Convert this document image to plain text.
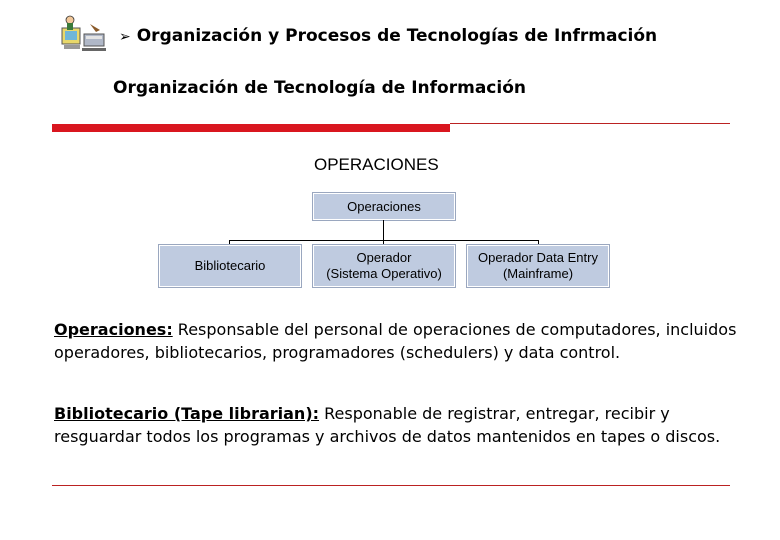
➢ Organización y Procesos de Tecnologías de Infrmación
Organización de Tecnología de Información
OPERACIONES
Operaciones
Bibliotecario
Operador
(Sistema Operativo)
Operador Data Entry
(Mainframe)
Operaciones: Responsable del personal de operaciones de computadores, incluidos operadores, bibliotecarios, programadores (schedulers) y data control.
Bibliotecario (Tape librarian): Responable de registrar, entregar, recibir y resguardar todos los programas y archivos de datos mantenidos en tapes o discos.
